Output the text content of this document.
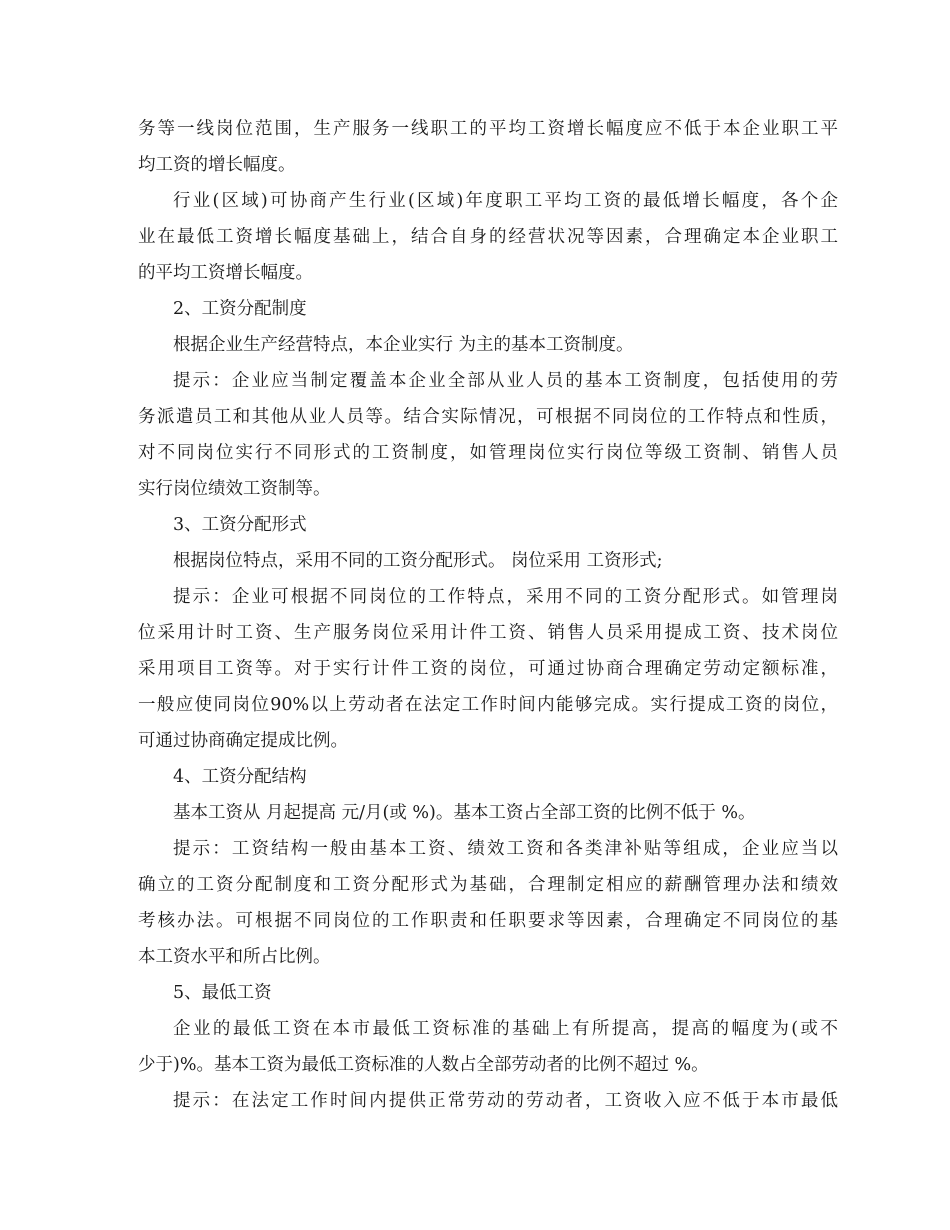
务等一线岗位范围，生产服务一线职工的平均工资增长幅度应不低于本企业职工平
均工资的增长幅度。
行业(区域)可协商产生行业(区域)年度职工平均工资的最低增长幅度，各个企
业在最低工资增长幅度基础上，结合自身的经营状况等因素，合理确定本企业职工
的平均工资增长幅度。
2、工资分配制度
根据企业生产经营特点，本企业实行 为主的基本工资制度。
提示：企业应当制定覆盖本企业全部从业人员的基本工资制度，包括使用的劳
务派遣员工和其他从业人员等。结合实际情况，可根据不同岗位的工作特点和性质，
对不同岗位实行不同形式的工资制度，如管理岗位实行岗位等级工资制、销售人员
实行岗位绩效工资制等。
3、工资分配形式
根据岗位特点，采用不同的工资分配形式。 岗位采用 工资形式;
提示：企业可根据不同岗位的工作特点，采用不同的工资分配形式。如管理岗
位采用计时工资、生产服务岗位采用计件工资、销售人员采用提成工资、技术岗位
采用项目工资等。对于实行计件工资的岗位，可通过协商合理确定劳动定额标准，
一般应使同岗位90%以上劳动者在法定工作时间内能够完成。实行提成工资的岗位，
可通过协商确定提成比例。
4、工资分配结构
基本工资从 月起提高 元/月(或 %)。基本工资占全部工资的比例不低于 %。
提示：工资结构一般由基本工资、绩效工资和各类津补贴等组成，企业应当以
确立的工资分配制度和工资分配形式为基础，合理制定相应的薪酬管理办法和绩效
考核办法。可根据不同岗位的工作职责和任职要求等因素，合理确定不同岗位的基
本工资水平和所占比例。
5、最低工资
企业的最低工资在本市最低工资标准的基础上有所提高，提高的幅度为(或不
少于)%。基本工资为最低工资标准的人数占全部劳动者的比例不超过 %。
提示：在法定工作时间内提供正常劳动的劳动者，工资收入应不低于本市最低
